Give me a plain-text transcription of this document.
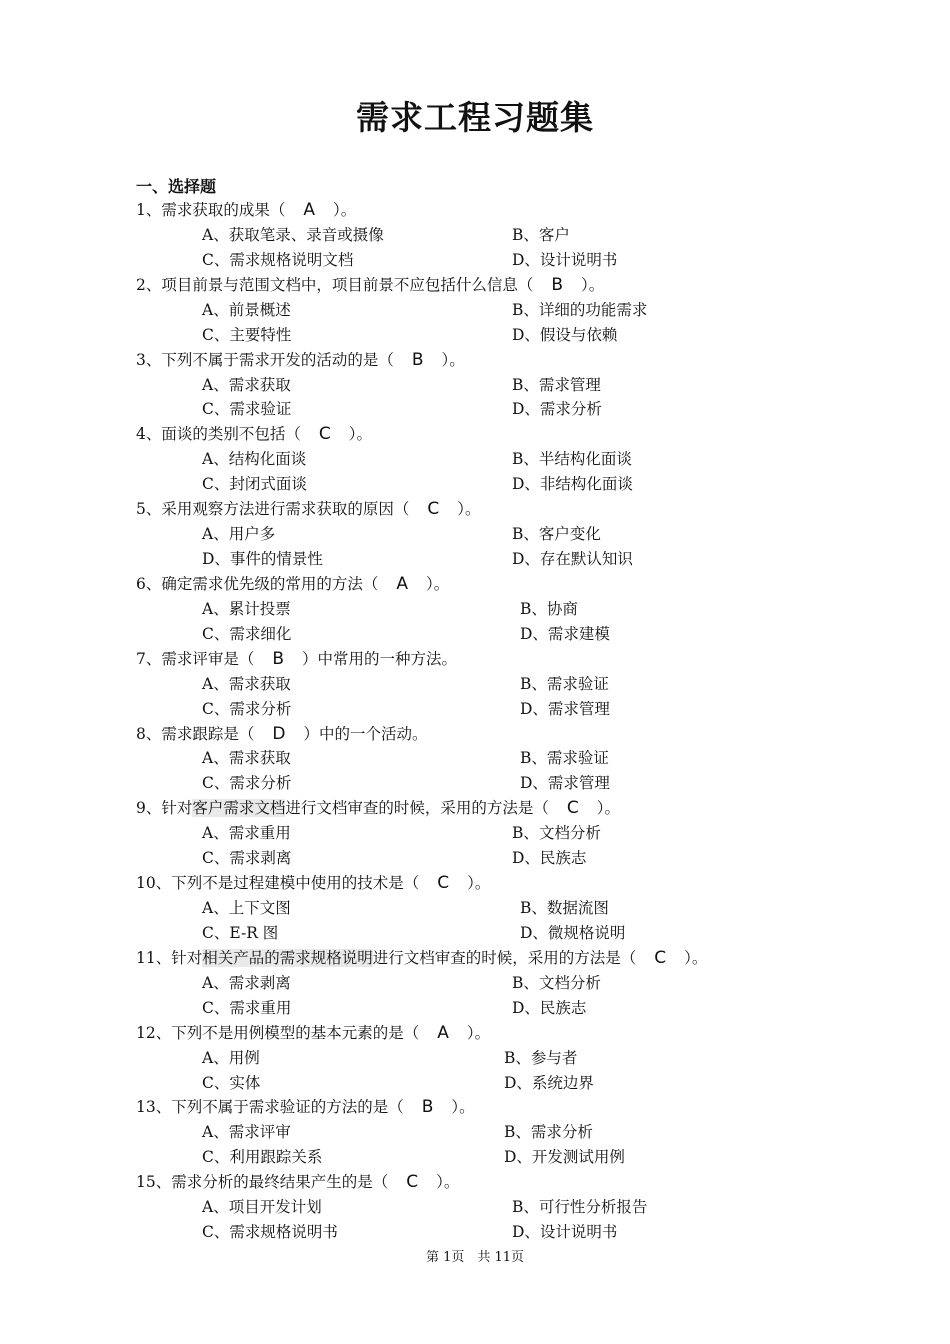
需求工程习题集
一、选择题
1、需求获取的成果（ A ）。
A、获取笔录、录音或摄像	B、客户
C、需求规格说明文档	D、设计说明书
2、项目前景与范围文档中，项目前景不应包括什么信息（ B ）。
A、前景概述	B、详细的功能需求
C、主要特性	D、假设与依赖
3、下列不属于需求开发的活动的是（ B ）。
A、需求获取	B、需求管理
C、需求验证	D、需求分析
4、面谈的类别不包括（ C ）。
A、结构化面谈	B、半结构化面谈
C、封闭式面谈	D、非结构化面谈
5、采用观察方法进行需求获取的原因（ C ）。
A、用户多	B、客户变化
D、事件的情景性	D、存在默认知识
6、确定需求优先级的常用的方法（ A ）。
A、累计投票	B、协商
C、需求细化	D、需求建模
7、需求评审是（ B ）中常用的一种方法。
A、需求获取	B、需求验证
C、需求分析	D、需求管理
8、需求跟踪是（ D ）中的一个活动。
A、需求获取	B、需求验证
C、需求分析	D、需求管理
9、针对客户需求文档进行文档审查的时候，采用的方法是（ C ）。
A、需求重用	B、文档分析
C、需求剥离	D、民族志
10、下列不是过程建模中使用的技术是（ C ）。
A、上下文图	B、数据流图
C、E-R 图	D、微规格说明
11、针对相关产品的需求规格说明进行文档审查的时候，采用的方法是（ C ）。
A、需求剥离	B、文档分析
C、需求重用	D、民族志
12、下列不是用例模型的基本元素的是（ A ）。
A、用例	B、参与者
C、实体	D、系统边界
13、下列不属于需求验证的方法的是（ B ）。
A、需求评审	B、需求分析
C、利用跟踪关系	D、开发测试用例
15、需求分析的最终结果产生的是（ C ）。
A、项目开发计划	B、可行性分析报告
C、需求规格说明书	D、设计说明书
第 1页　共 11页
